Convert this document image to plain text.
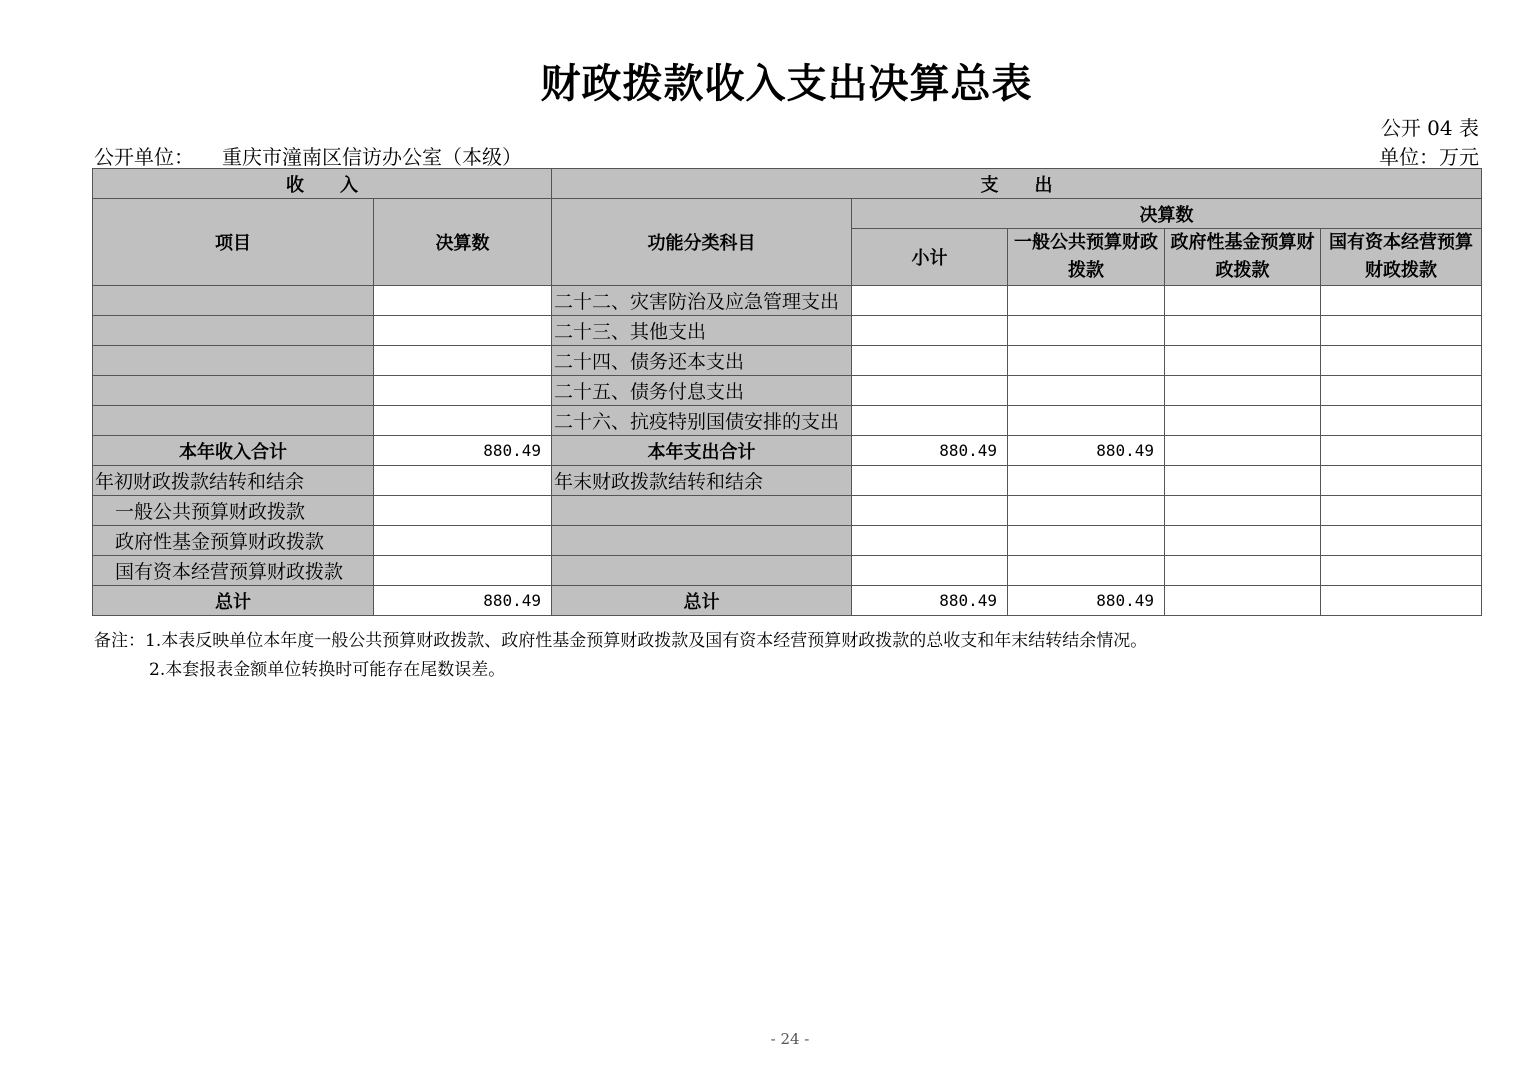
财政拨款收入支出决算总表
公开 04 表
公开单位： 重庆市潼南区信访办公室（本级）	单位：万元
收　　入		支　　出				
项目	决算数	功能分类科目	决算数			
			小计	一般公共预算财政拨款	政府性基金预算财政拨款	国有资本经营预算财政拨款

		二十二、灾害防治及应急管理支出				
		二十三、其他支出				
		二十四、债务还本支出				
		二十五、债务付息支出				
		二十六、抗疫特别国债安排的支出				
本年收入合计	880.49	本年支出合计	880.49	880.49		
年初财政拨款结转和结余		年末财政拨款结转和结余				
一般公共预算财政拨款						
政府性基金预算财政拨款						
国有资本经营预算财政拨款						
总计	880.49	总计	880.49	880.49		
备注：1.本表反映单位本年度一般公共预算财政拨款、政府性基金预算财政拨款及国有资本经营预算财政拨款的总收支和年末结转结余情况。
2.本套报表金额单位转换时可能存在尾数误差。
- 24 -
